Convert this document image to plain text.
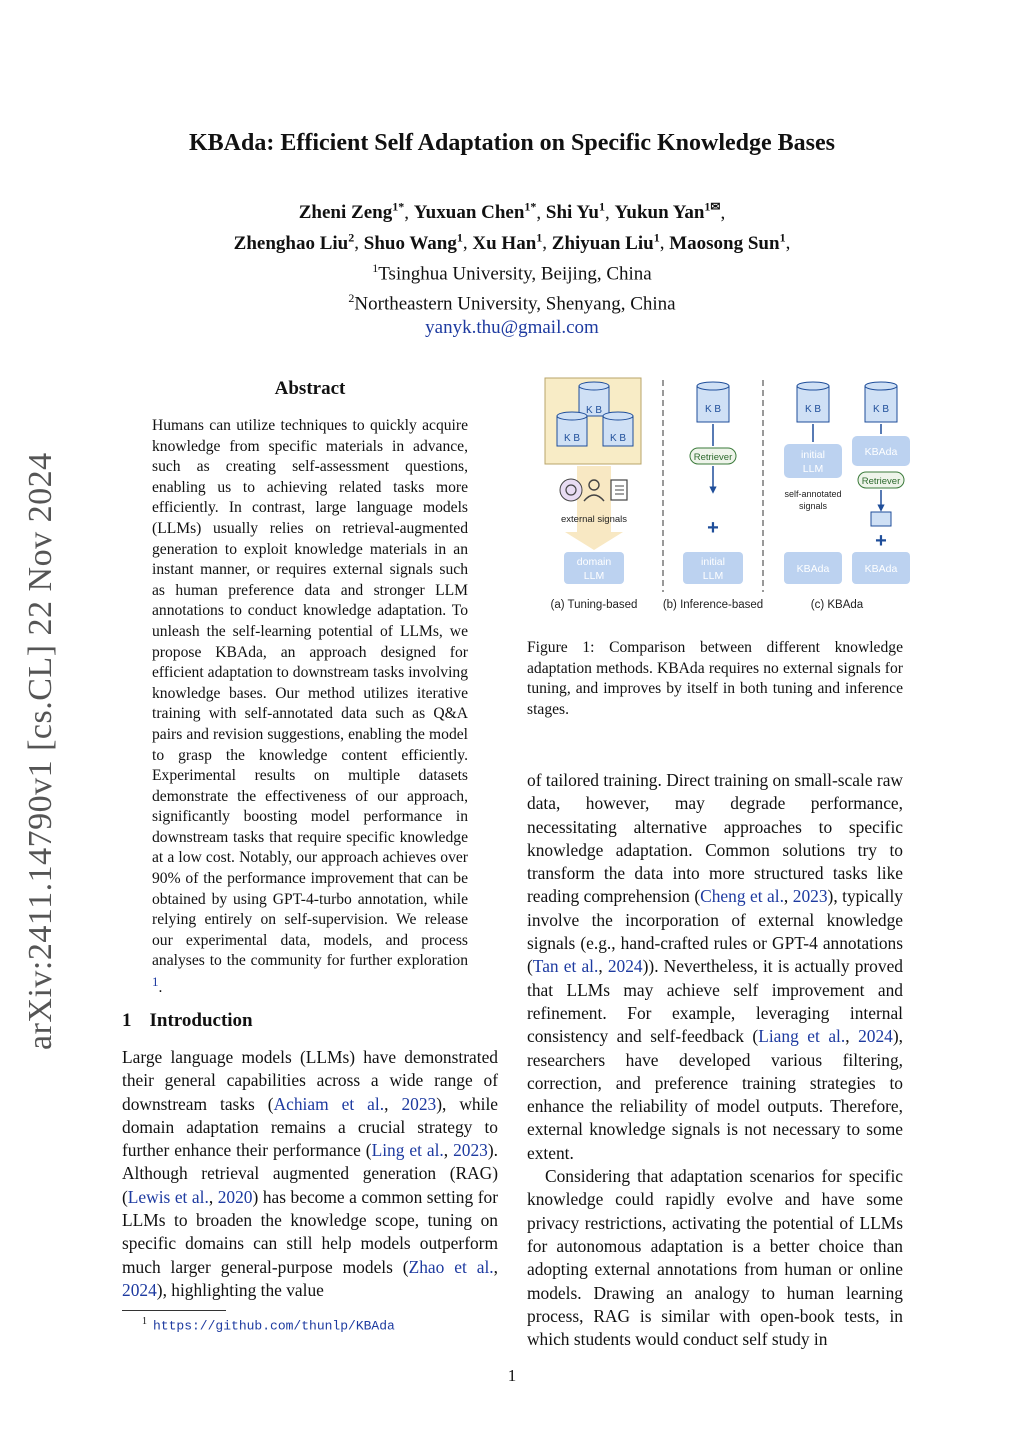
KBAda: Efficient Self Adaptation on Specific Knowledge Bases
Zheni Zeng$^{1*}$, Yuxuan Chen$^{1*}$, Shi Yu$^1$, Yukun Yan$^{1✉}$,
Zhenghao Liu$^2$, Shuo Wang$^1$, Xu Han$^1$, Zhiyuan Liu$^1$, Maosong Sun$^1$,
$^1$Tsinghua University, Beijing, China
$^2$Northeastern University, Shenyang, China
yanyk.thu@gmail.com
arXiv:2411.14790v1 [cs.CL] 22 Nov 2024
Abstract

Humans can utilize techniques to quickly acquire knowledge from specific materials in advance, such as creating self-assessment questions, enabling us to achieving related tasks more efficiently. In contrast, large language models (LLMs) usually relies on retrieval-augmented generation to exploit knowledge materials in an instant manner, or requires external signals such as human preference data and stronger LLM annotations to conduct knowledge adaptation. To unleash the self-learning potential of LLMs, we propose KBAda, an approach designed for efficient adaptation to downstream tasks involving knowledge bases. Our method utilizes iterative training with self-annotated data such as Q&A pairs and revision suggestions, enabling the model to grasp the knowledge content efficiently. Experimental results on multiple datasets demonstrate the effectiveness of our approach, significantly boosting model performance in downstream tasks that require specific knowledge at a low cost. Notably, our approach achieves over 90% of the performance improvement that can be obtained by using GPT-4-turbo annotation, while relying entirely on self-supervision. We release our experimental data, models, and process analyses to the community for further exploration $^1$.

1 Introduction

Large language models (LLMs) have demonstrated their general capabilities across a wide range of downstream tasks (Achiam et al., 2023), while domain adaptation remains a crucial strategy to further enhance their performance (Ling et al., 2023). Although retrieval augmented generation (RAG) (Lewis et al., 2020) has become a common setting for LLMs to broaden the knowledge scope, tuning on specific domains can still help models outperform much larger general-purpose models (Zhao et al., 2024), highlighting the value

$^1$ https://github.com/thunlp/KBAda
K B
K B	K B
external signals
domain
LLM
(a) Tuning-based
K B
Retriever
+
initial
LLM
(b) Inference-based
K B
initial
LLM
self-annotated
signals
KBAda
K B
KBAda
Retriever
+
KBAda
(c) KBAda
Figure 1: Comparison between different knowledge adaptation methods. KBAda requires no external signals for tuning, and improves by itself in both tuning and inference stages.

of tailored training. Direct training on small-scale raw data, however, may degrade performance, necessitating alternative approaches to specific knowledge adaptation. Common solutions try to transform the data into more structured tasks like reading comprehension (Cheng et al., 2023), typically involve the incorporation of external knowledge signals (e.g., hand-crafted rules or GPT-4 annotations (Tan et al., 2024)). Nevertheless, it is actually proved that LLMs may achieve self improvement and refinement. For example, leveraging internal consistency and self-feedback (Liang et al., 2024), researchers have developed various filtering, correction, and preference training strategies to enhance the reliability of model outputs. Therefore, external knowledge signals is not necessary to some extent.

Considering that adaptation scenarios for specific knowledge could rapidly evolve and have some privacy restrictions, activating the potential of LLMs for autonomous adaptation is a better choice than adopting external annotations from human or online models. Drawing an analogy to human learning process, RAG is similar with open-book tests, in which students would conduct self study in

1
